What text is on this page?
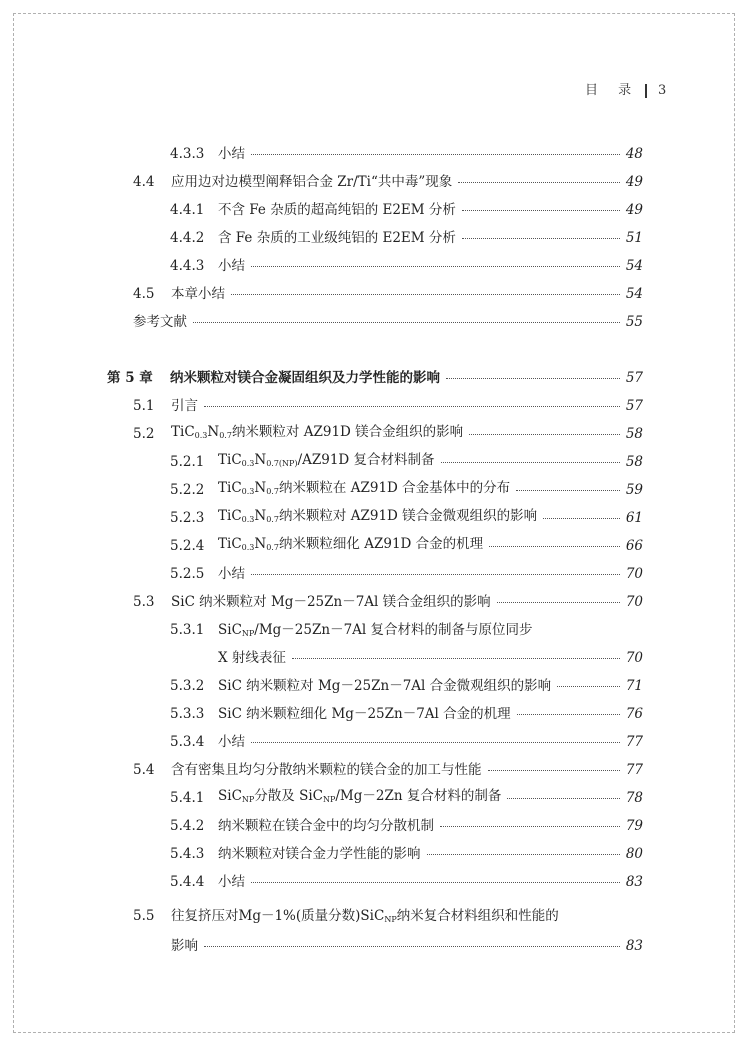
目 录 3
4.3.3	小结	48
4.4	应用边对边模型阐释铝合金 Zr/Ti“共中毒”现象	49
4.4.1	不含 Fe 杂质的超高纯铝的 E2EM 分析	49
4.4.2	含 Fe 杂质的工业级纯铝的 E2EM 分析	51
4.4.3	小结	54
4.5	本章小结	54
参考文献	55
第 5 章	纳米颗粒对镁合金凝固组织及力学性能的影响	57
5.1	引言	57
5.2	$TiC_{0.3}N_{0.7}$纳米颗粒对 AZ91D 镁合金组织的影响	58
5.2.1	$TiC_{0.3}N_{0.7(NP)}/AZ91D$ 复合材料制备	58
5.2.2	$TiC_{0.3}N_{0.7}$纳米颗粒在 AZ91D 合金基体中的分布	59
5.2.3	$TiC_{0.3}N_{0.7}$纳米颗粒对 AZ91D 镁合金微观组织的影响	61
5.2.4	$TiC_{0.3}N_{0.7}$纳米颗粒细化 AZ91D 合金的机理	66
5.2.5	小结	70
5.3	SiC 纳米颗粒对 Mg－25Zn－7Al 镁合金组织的影响	70
5.3.1 SiC$_{NP}$/Mg－25Zn－7Al 复合材料的制备与原位同步
X 射线表征	70
5.3.2	SiC 纳米颗粒对 Mg－25Zn－7Al 合金微观组织的影响	71
5.3.3	SiC 纳米颗粒细化 Mg－25Zn－7Al 合金的机理	76
5.3.4	小结	77
5.4	含有密集且均匀分散纳米颗粒的镁合金的加工与性能	77
5.4.1	SiC$_{NP}$分散及 SiC$_{NP}$/Mg－2Zn 复合材料的制备	78
5.4.2	纳米颗粒在镁合金中的均匀分散机制	79
5.4.3	纳米颗粒对镁合金力学性能的影响	80
5.4.4	小结	83
5.5 往复挤压对Mg－1%(质量分数)SiC$_{NP}$纳米复合材料组织和性能的
影响	83
